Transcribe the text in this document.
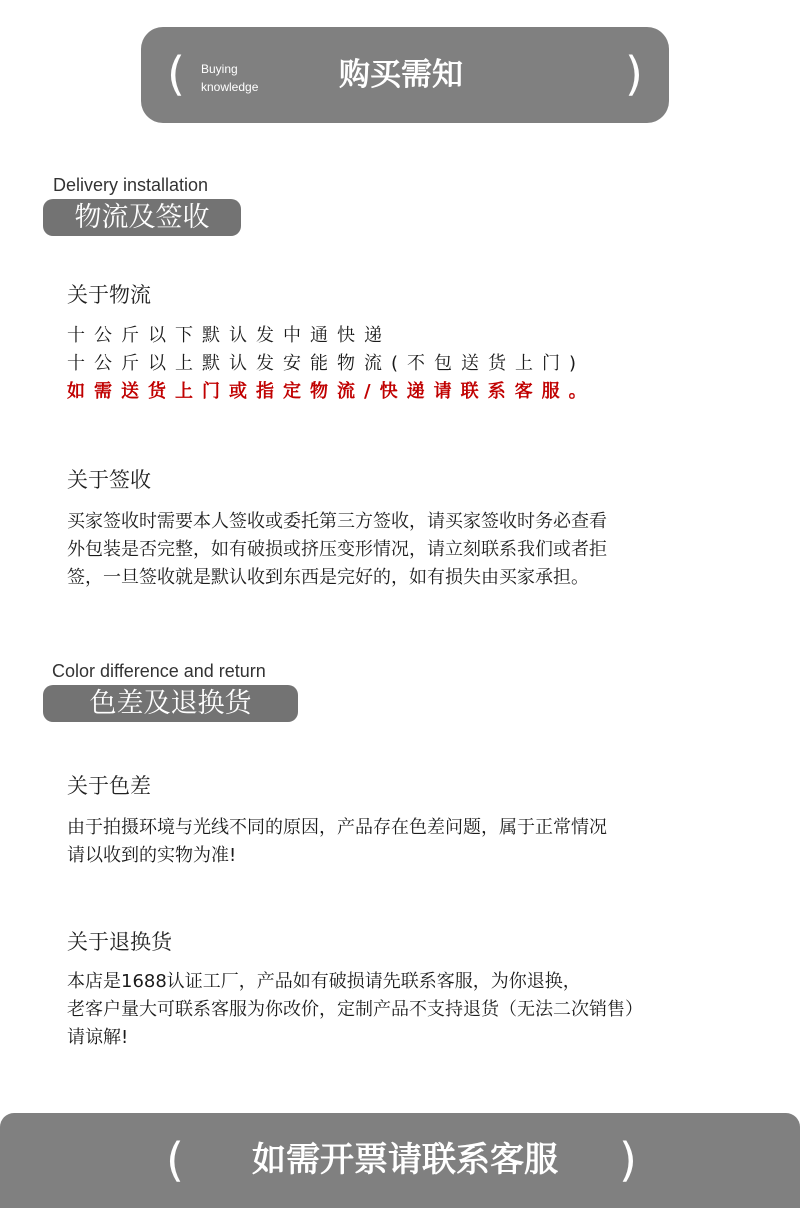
( Buying
knowledge	购买需知	)
Delivery installation
物流及签收
关于物流

十公斤以下默认发中通快递

十公斤以上默认发安能物流(不包送货上门)

如需送货上门或指定物流/快递请联系客服。

关于签收

买家签收时需要本人签收或委托第三方签收，请买家签收时务必查看

外包装是否完整，如有破损或挤压变形情况，请立刻联系我们或者拒

签，一旦签收就是默认收到东西是完好的，如有损失由买家承担。

Color difference and return
色差及退换货
关于色差

由于拍摄环境与光线不同的原因，产品存在色差问题，属于正常情况

请以收到的实物为准!

关于退换货

本店是1688认证工厂，产品如有破损请先联系客服，为你退换，

老客户量大可联系客服为你改价，定制产品不支持退货（无法二次销售）

请谅解!

(	如需开票请联系客服	)
